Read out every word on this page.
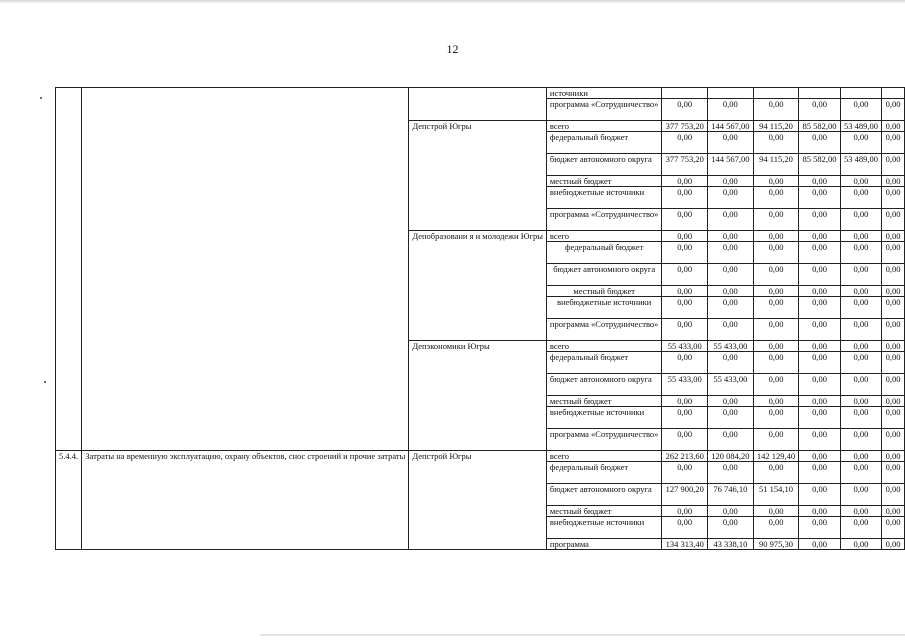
12
			источники						
			программа «Сотрудничество»	0,00	0,00	0,00	0,00	0,00	0,00
		Депстрой Югры	всего	377 753,20	144 567,00	94 115,20	85 582,00	53 489,00	0,00
			федеральный бюджет	0,00	0,00	0,00	0,00	0,00	0,00
			бюджет автономного округа	377 753,20	144 567,00	94 115,20	85 582,00	53 489,00	0,00
			местный бюджет	0,00	0,00	0,00	0,00	0,00	0,00
			внебюджетные источники	0,00	0,00	0,00	0,00	0,00	0,00
			программа «Сотрудничество»	0,00	0,00	0,00	0,00	0,00	0,00
		Депобразовани я и молодежи Югры	всего	0,00	0,00	0,00	0,00	0,00	0,00
			федеральный бюджет	0,00	0,00	0,00	0,00	0,00	0,00
			бюджет автономного округа	0,00	0,00	0,00	0,00	0,00	0,00
			местный бюджет	0,00	0,00	0,00	0,00	0,00	0,00
			внебюджетные источники	0,00	0,00	0,00	0,00	0,00	0,00
			программа «Сотрудничество»	0,00	0,00	0,00	0,00	0,00	0,00
		Депэкономики Югры	всего	55 433,00	55 433,00	0,00	0,00	0,00	0,00
			федеральный бюджет	0,00	0,00	0,00	0,00	0,00	0,00
			бюджет автономного округа	55 433,00	55 433,00	0,00	0,00	0,00	0,00
			местный бюджет	0,00	0,00	0,00	0,00	0,00	0,00
			внебюджетные источники	0,00	0,00	0,00	0,00	0,00	0,00
			программа «Сотрудничество»	0,00	0,00	0,00	0,00	0,00	0,00
5.4.4.	Затраты на временную эксплуатацию, охрану объектов, снос строений и прочие затраты	Депстрой Югры	всего	262 213,60	120 084,20	142 129,40	0,00	0,00	0,00
			федеральный бюджет	0,00	0,00	0,00	0,00	0,00	0,00
			бюджет автономного округа	127 900,20	76 746,10	51 154,10	0,00	0,00	0,00
			местный бюджет	0,00	0,00	0,00	0,00	0,00	0,00
			внебюджетные источники	0,00	0,00	0,00	0,00	0,00	0,00
			программа	134 313,40	43 338,10	90 975,30	0,00	0,00	0,00
